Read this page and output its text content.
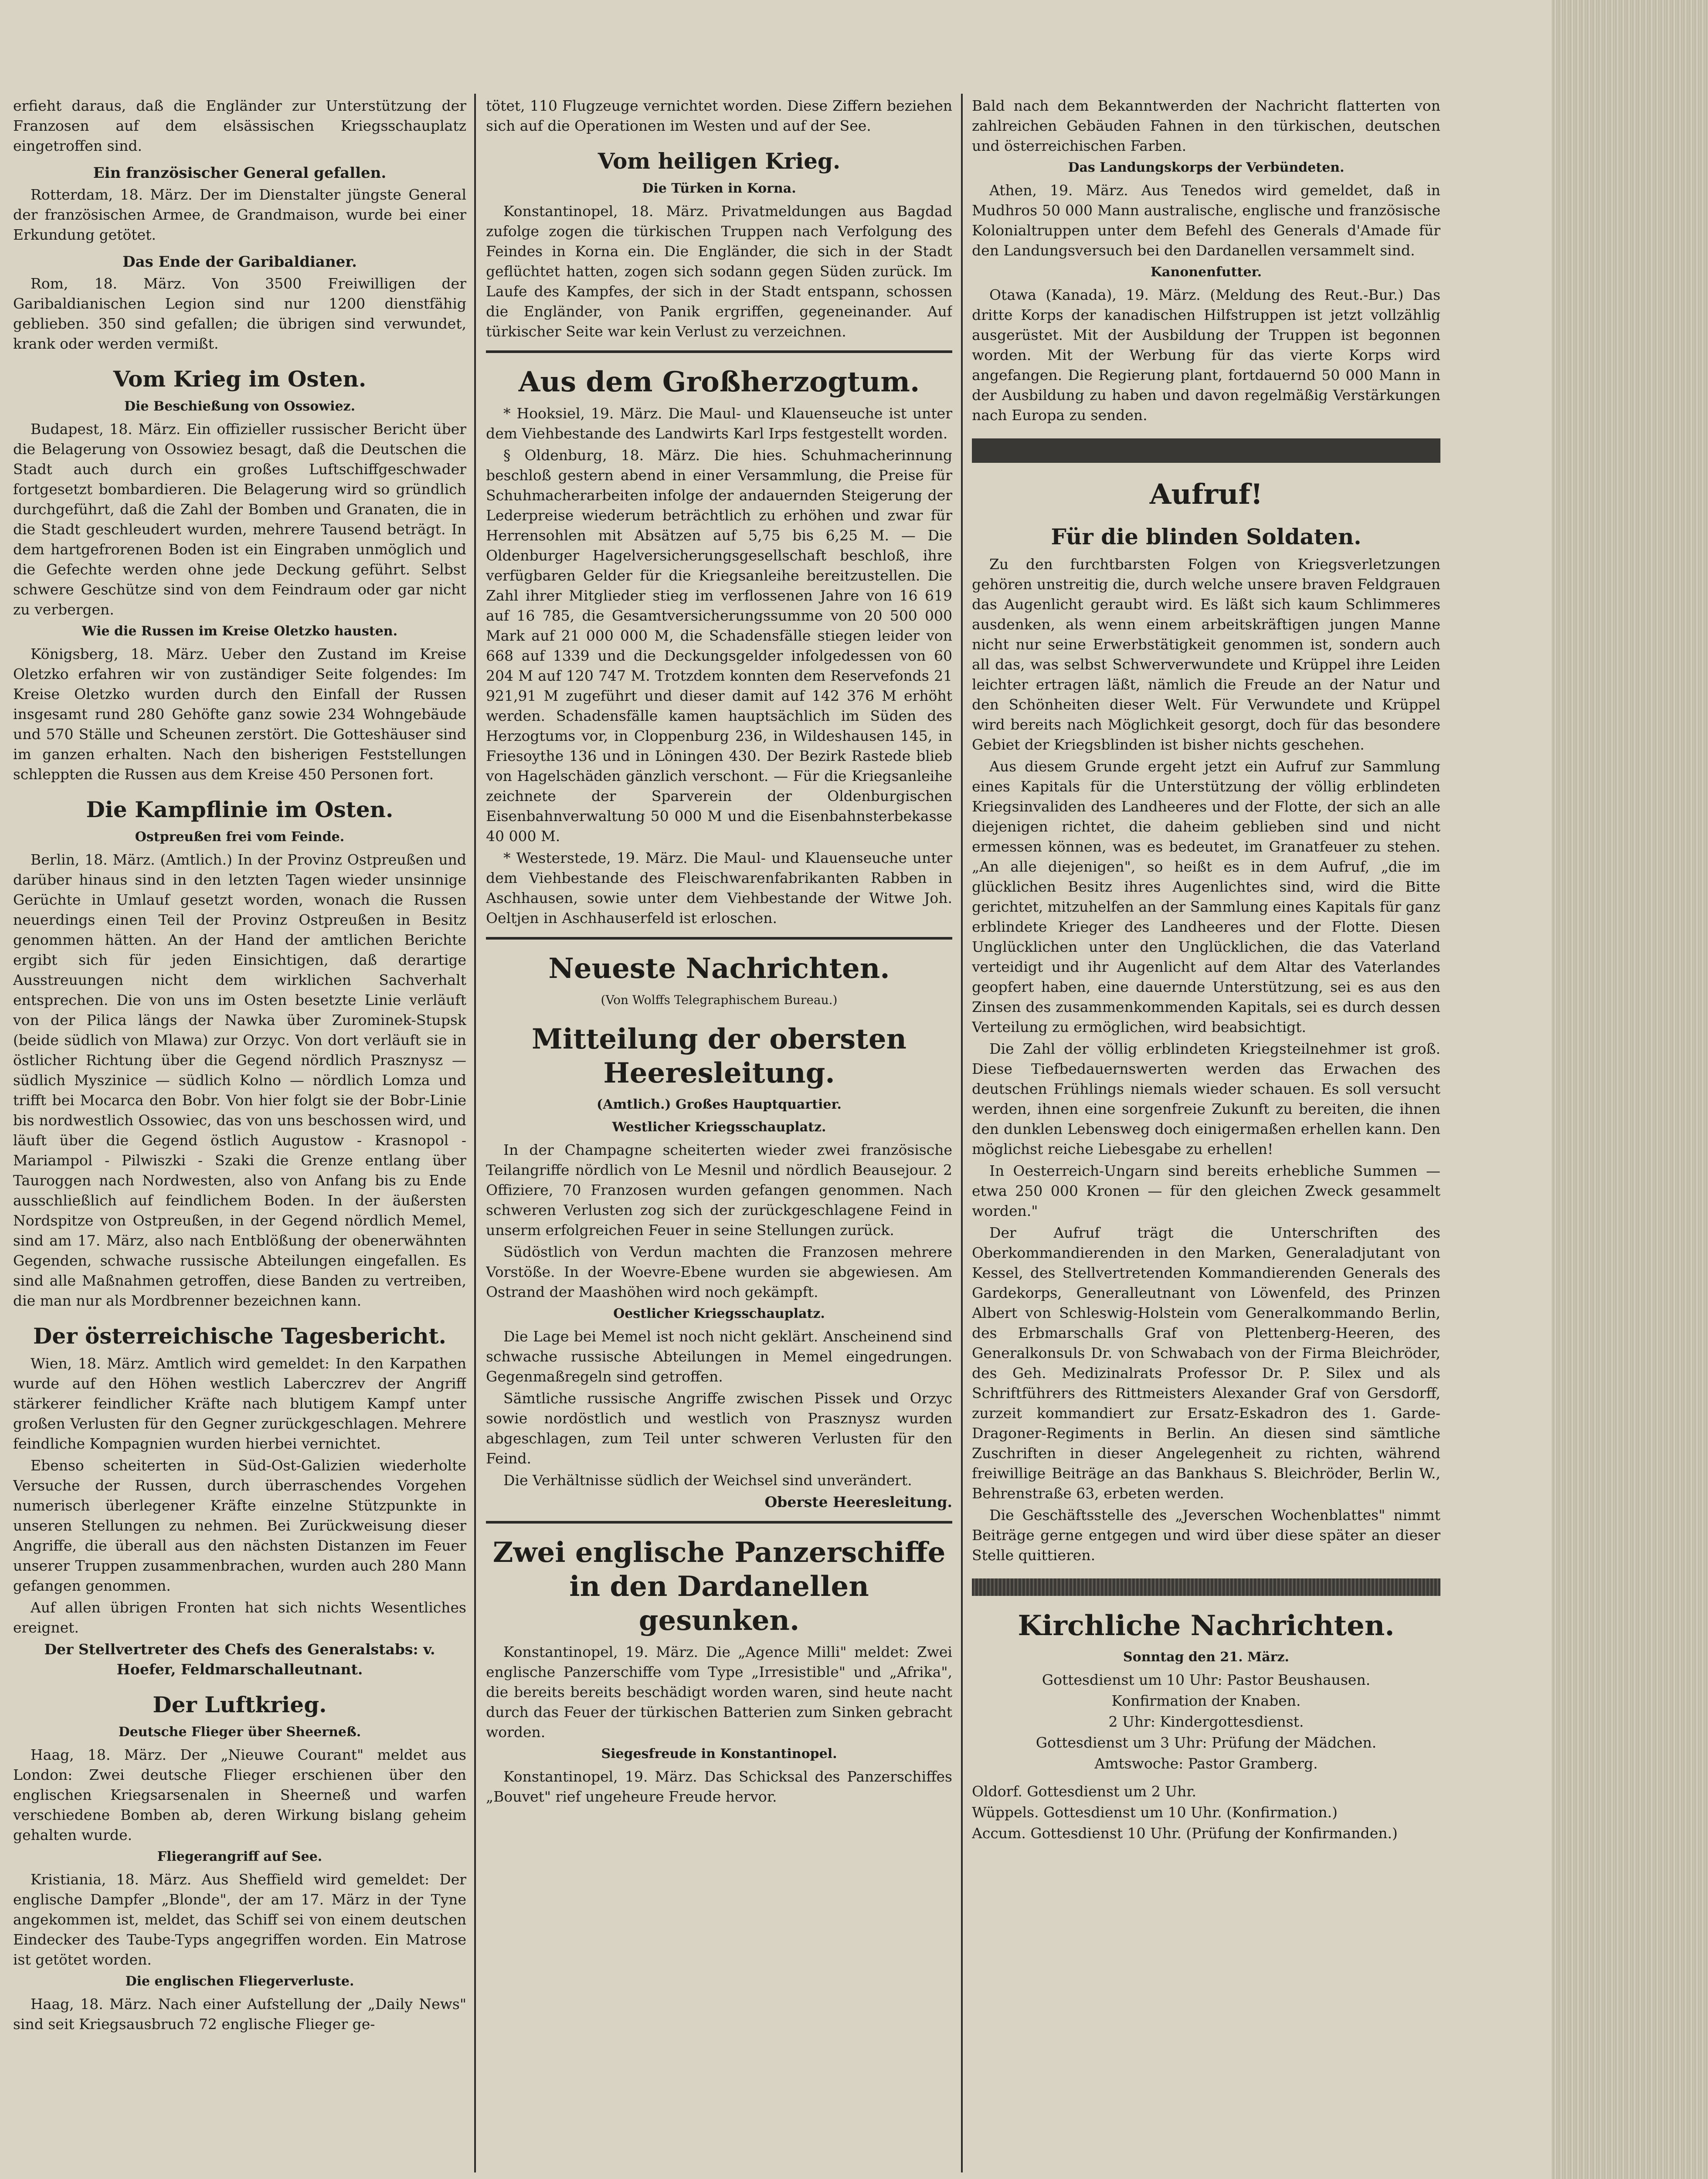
erfieht daraus, daß die Engländer zur Unterstützung der Franzosen auf dem elsässischen Kriegsschauplatz eingetroffen sind.

Ein französischer General gefallen.

Rotterdam, 18. März. Der im Dienstalter jüngste General der französischen Armee, de Grandmaison, wurde bei einer Erkundung getötet.

Das Ende der Garibaldianer.

Rom, 18. März. Von 3500 Freiwilligen der Garibaldianischen Legion sind nur 1200 dienstfähig geblieben. 350 sind gefallen; die übrigen sind verwundet, krank oder werden vermißt.

Vom Krieg im Osten.
Die Beschießung von Ossowiez.

Budapest, 18. März. Ein offizieller russischer Bericht über die Belagerung von Ossowiez besagt, daß die Deutschen die Stadt auch durch ein großes Luftschiffgeschwader fortgesetzt bombardieren. Die Belagerung wird so gründlich durchgeführt, daß die Zahl der Bomben und Granaten, die in die Stadt geschleudert wurden, mehrere Tausend beträgt. In dem hartgefrorenen Boden ist ein Eingraben unmöglich und die Gefechte werden ohne jede Deckung geführt. Selbst schwere Geschütze sind von dem Feindraum oder gar nicht zu verbergen.

Wie die Russen im Kreise Oletzko hausten.

Königsberg, 18. März. Ueber den Zustand im Kreise Oletzko erfahren wir von zuständiger Seite folgendes: Im Kreise Oletzko wurden durch den Einfall der Russen insgesamt rund 280 Gehöfte ganz sowie 234 Wohngebäude und 570 Ställe und Scheunen zerstört. Die Gotteshäuser sind im ganzen erhalten. Nach den bisherigen Feststellungen schleppten die Russen aus dem Kreise 450 Personen fort.

Die Kampflinie im Osten.
Ostpreußen frei vom Feinde.

Berlin, 18. März. (Amtlich.) In der Provinz Ostpreußen und darüber hinaus sind in den letzten Tagen wieder unsinnige Gerüchte in Umlauf gesetzt worden, wonach die Russen neuerdings einen Teil der Provinz Ostpreußen in Besitz genommen hätten. An der Hand der amtlichen Berichte ergibt sich für jeden Einsichtigen, daß derartige Ausstreuungen nicht dem wirklichen Sachverhalt entsprechen. Die von uns im Osten besetzte Linie verläuft von der Pilica längs der Nawka über Zurominek-Stupsk (beide südlich von Mlawa) zur Orzyc. Von dort verläuft sie in östlicher Richtung über die Gegend nördlich Prasznysz — südlich Myszinice — südlich Kolno — nördlich Lomza und trifft bei Mocarca den Bobr. Von hier folgt sie der Bobr-Linie bis nordwestlich Ossowiec, das von uns beschossen wird, und läuft über die Gegend östlich Augustow - Krasnopol - Mariampol - Pilwiszki - Szaki die Grenze entlang über Tauroggen nach Nordwesten, also von Anfang bis zu Ende ausschließlich auf feindlichem Boden. In der äußersten Nordspitze von Ostpreußen, in der Gegend nördlich Memel, sind am 17. März, also nach Entblößung der obenerwähnten Gegenden, schwache russische Abteilungen eingefallen. Es sind alle Maßnahmen getroffen, diese Banden zu vertreiben, die man nur als Mordbrenner bezeichnen kann.

Der österreichische Tagesbericht.

Wien, 18. März. Amtlich wird gemeldet: In den Karpathen wurde auf den Höhen westlich Laberczrev der Angriff stärkerer feindlicher Kräfte nach blutigem Kampf unter großen Verlusten für den Gegner zurückgeschlagen. Mehrere feindliche Kompagnien wurden hierbei vernichtet.

Ebenso scheiterten in Süd-Ost-Galizien wiederholte Versuche der Russen, durch überraschendes Vorgehen numerisch überlegener Kräfte einzelne Stützpunkte in unseren Stellungen zu nehmen. Bei Zurückweisung dieser Angriffe, die überall aus den nächsten Distanzen im Feuer unserer Truppen zusammenbrachen, wurden auch 280 Mann gefangen genommen.

Auf allen übrigen Fronten hat sich nichts Wesentliches ereignet.

Der Stellvertreter des Chefs des Generalstabs: v. Hoefer, Feldmarschalleutnant.
Der Luftkrieg.
Deutsche Flieger über Sheerneß.

Haag, 18. März. Der „Nieuwe Courant" meldet aus London: Zwei deutsche Flieger erschienen über den englischen Kriegsarsenalen in Sheerneß und warfen verschiedene Bomben ab, deren Wirkung bislang geheim gehalten wurde.

Fliegerangriff auf See.

Kristiania, 18. März. Aus Sheffield wird gemeldet: Der englische Dampfer „Blonde", der am 17. März in der Tyne angekommen ist, meldet, das Schiff sei von einem deutschen Eindecker des Taube-Typs angegriffen worden. Ein Matrose ist getötet worden.

Die englischen Fliegerverluste.

Haag, 18. März. Nach einer Aufstellung der „Daily News" sind seit Kriegsausbruch 72 englische Flieger ge-

tötet, 110 Flugzeuge vernichtet worden. Diese Ziffern beziehen sich auf die Operationen im Westen und auf der See.

Vom heiligen Krieg.
Die Türken in Korna.

Konstantinopel, 18. März. Privatmeldungen aus Bagdad zufolge zogen die türkischen Truppen nach Verfolgung des Feindes in Korna ein. Die Engländer, die sich in der Stadt geflüchtet hatten, zogen sich sodann gegen Süden zurück. Im Laufe des Kampfes, der sich in der Stadt entspann, schossen die Engländer, von Panik ergriffen, gegeneinander. Auf türkischer Seite war kein Verlust zu verzeichnen.

Aus dem Großherzogtum.

* Hooksiel, 19. März. Die Maul- und Klauenseuche ist unter dem Viehbestande des Landwirts Karl Irps festgestellt worden.

§ Oldenburg, 18. März. Die hies. Schuhmacherinnung beschloß gestern abend in einer Versammlung, die Preise für Schuhmacherarbeiten infolge der andauernden Steigerung der Lederpreise wiederum beträchtlich zu erhöhen und zwar für Herrensohlen mit Absätzen auf 5,75 bis 6,25 M. — Die Oldenburger Hagelversicherungsgesellschaft beschloß, ihre verfügbaren Gelder für die Kriegsanleihe bereitzustellen. Die Zahl ihrer Mitglieder stieg im verflossenen Jahre von 16 619 auf 16 785, die Gesamtversicherungssumme von 20 500 000 Mark auf 21 000 000 M, die Schadensfälle stiegen leider von 668 auf 1339 und die Deckungsgelder infolgedessen von 60 204 M auf 120 747 M. Trotzdem konnten dem Reservefonds 21 921,91 M zugeführt und dieser damit auf 142 376 M erhöht werden. Schadensfälle kamen hauptsächlich im Süden des Herzogtums vor, in Cloppenburg 236, in Wildeshausen 145, in Friesoythe 136 und in Löningen 430. Der Bezirk Rastede blieb von Hagelschäden gänzlich verschont. — Für die Kriegsanleihe zeichnete der Sparverein der Oldenburgischen Eisenbahnverwaltung 50 000 M und die Eisenbahnsterbekasse 40 000 M.

* Westerstede, 19. März. Die Maul- und Klauenseuche unter dem Viehbestande des Fleischwarenfabrikanten Rabben in Aschhausen, sowie unter dem Viehbestande der Witwe Joh. Oeltjen in Aschhauserfeld ist erloschen.

Neueste Nachrichten.
(Von Wolffs Telegraphischem Bureau.)
Mitteilung der obersten Heeresleitung.
(Amtlich.) Großes Hauptquartier.
Westlicher Kriegsschauplatz.

In der Champagne scheiterten wieder zwei französische Teilangriffe nördlich von Le Mesnil und nördlich Beausejour. 2 Offiziere, 70 Franzosen wurden gefangen genommen. Nach schweren Verlusten zog sich der zurückgeschlagene Feind in unserm erfolgreichen Feuer in seine Stellungen zurück.

Südöstlich von Verdun machten die Franzosen mehrere Vorstöße. In der Woevre-Ebene wurden sie abgewiesen. Am Ostrand der Maashöhen wird noch gekämpft.

Oestlicher Kriegsschauplatz.

Die Lage bei Memel ist noch nicht geklärt. Anscheinend sind schwache russische Abteilungen in Memel eingedrungen. Gegenmaßregeln sind getroffen.

Sämtliche russische Angriffe zwischen Pissek und Orzyc sowie nordöstlich und westlich von Prasznysz wurden abgeschlagen, zum Teil unter schweren Verlusten für den Feind.

Die Verhältnisse südlich der Weichsel sind unverändert.

Oberste Heeresleitung.
Zwei englische Panzerschiffe in den Dardanellen gesunken.

Konstantinopel, 19. März. Die „Agence Milli" meldet: Zwei englische Panzerschiffe vom Type „Irresistible" und „Afrika", die bereits bereits beschädigt worden waren, sind heute nacht durch das Feuer der türkischen Batterien zum Sinken gebracht worden.

Siegesfreude in Konstantinopel.

Konstantinopel, 19. März. Das Schicksal des Panzerschiffes „Bouvet" rief ungeheure Freude hervor.

Bald nach dem Bekanntwerden der Nachricht flatterten von zahlreichen Gebäuden Fahnen in den türkischen, deutschen und österreichischen Farben.

Das Landungskorps der Verbündeten.

Athen, 19. März. Aus Tenedos wird gemeldet, daß in Mudhros 50 000 Mann australische, englische und französische Kolonialtruppen unter dem Befehl des Generals d'Amade für den Landungsversuch bei den Dardanellen versammelt sind.

Kanonenfutter.

Otawa (Kanada), 19. März. (Meldung des Reut.-Bur.) Das dritte Korps der kanadischen Hilfstruppen ist jetzt vollzählig ausgerüstet. Mit der Ausbildung der Truppen ist begonnen worden. Mit der Werbung für das vierte Korps wird angefangen. Die Regierung plant, fortdauernd 50 000 Mann in der Ausbildung zu haben und davon regelmäßig Verstärkungen nach Europa zu senden.

Aufruf!
Für die blinden Soldaten.

Zu den furchtbarsten Folgen von Kriegsverletzungen gehören unstreitig die, durch welche unsere braven Feldgrauen das Augenlicht geraubt wird. Es läßt sich kaum Schlimmeres ausdenken, als wenn einem arbeitskräftigen jungen Manne nicht nur seine Erwerbstätigkeit genommen ist, sondern auch all das, was selbst Schwerverwundete und Krüppel ihre Leiden leichter ertragen läßt, nämlich die Freude an der Natur und den Schönheiten dieser Welt. Für Verwundete und Krüppel wird bereits nach Möglichkeit gesorgt, doch für das besondere Gebiet der Kriegsblinden ist bisher nichts geschehen.

Aus diesem Grunde ergeht jetzt ein Aufruf zur Sammlung eines Kapitals für die Unterstützung der völlig erblindeten Kriegsinvaliden des Landheeres und der Flotte, der sich an alle diejenigen richtet, die daheim geblieben sind und nicht ermessen können, was es bedeutet, im Granatfeuer zu stehen. „An alle diejenigen", so heißt es in dem Aufruf, „die im glücklichen Besitz ihres Augenlichtes sind, wird die Bitte gerichtet, mitzuhelfen an der Sammlung eines Kapitals für ganz erblindete Krieger des Landheeres und der Flotte. Diesen Unglücklichen unter den Unglücklichen, die das Vaterland verteidigt und ihr Augenlicht auf dem Altar des Vaterlandes geopfert haben, eine dauernde Unterstützung, sei es aus den Zinsen des zusammenkommenden Kapitals, sei es durch dessen Verteilung zu ermöglichen, wird beabsichtigt.

Die Zahl der völlig erblindeten Kriegsteilnehmer ist groß. Diese Tiefbedauernswerten werden das Erwachen des deutschen Frühlings niemals wieder schauen. Es soll versucht werden, ihnen eine sorgenfreie Zukunft zu bereiten, die ihnen den dunklen Lebensweg doch einigermaßen erhellen kann. Den möglichst reiche Liebesgabe zu erhellen!

In Oesterreich-Ungarn sind bereits erhebliche Summen — etwa 250 000 Kronen — für den gleichen Zweck gesammelt worden."

Der Aufruf trägt die Unterschriften des Oberkommandierenden in den Marken, Generaladjutant von Kessel, des Stellvertretenden Kommandierenden Generals des Gardekorps, Generalleutnant von Löwenfeld, des Prinzen Albert von Schleswig-Holstein vom Generalkommando Berlin, des Erbmarschalls Graf von Plettenberg-Heeren, des Generalkonsuls Dr. von Schwabach von der Firma Bleichröder, des Geh. Medizinalrats Professor Dr. P. Silex und als Schriftführers des Rittmeisters Alexander Graf von Gersdorff, zurzeit kommandiert zur Ersatz-Eskadron des 1. Garde-Dragoner-Regiments in Berlin. An diesen sind sämtliche Zuschriften in dieser Angelegenheit zu richten, während freiwillige Beiträge an das Bankhaus S. Bleichröder, Berlin W., Behrenstraße 63, erbeten werden.

Die Geschäftsstelle des „Jeverschen Wochenblattes" nimmt Beiträge gerne entgegen und wird über diese später an dieser Stelle quittieren.

Kirchliche Nachrichten.
Sonntag den 21. März.

Gottesdienst um 10 Uhr: Pastor Beushausen.

Konfirmation der Knaben.

2 Uhr: Kindergottesdienst.

Gottesdienst um 3 Uhr: Prüfung der Mädchen.

Amtswoche: Pastor Gramberg.

Oldorf. Gottesdienst um 2 Uhr.

Wüppels. Gottesdienst um 10 Uhr. (Konfirmation.)

Accum. Gottesdienst 10 Uhr. (Prüfung der Konfirmanden.)
